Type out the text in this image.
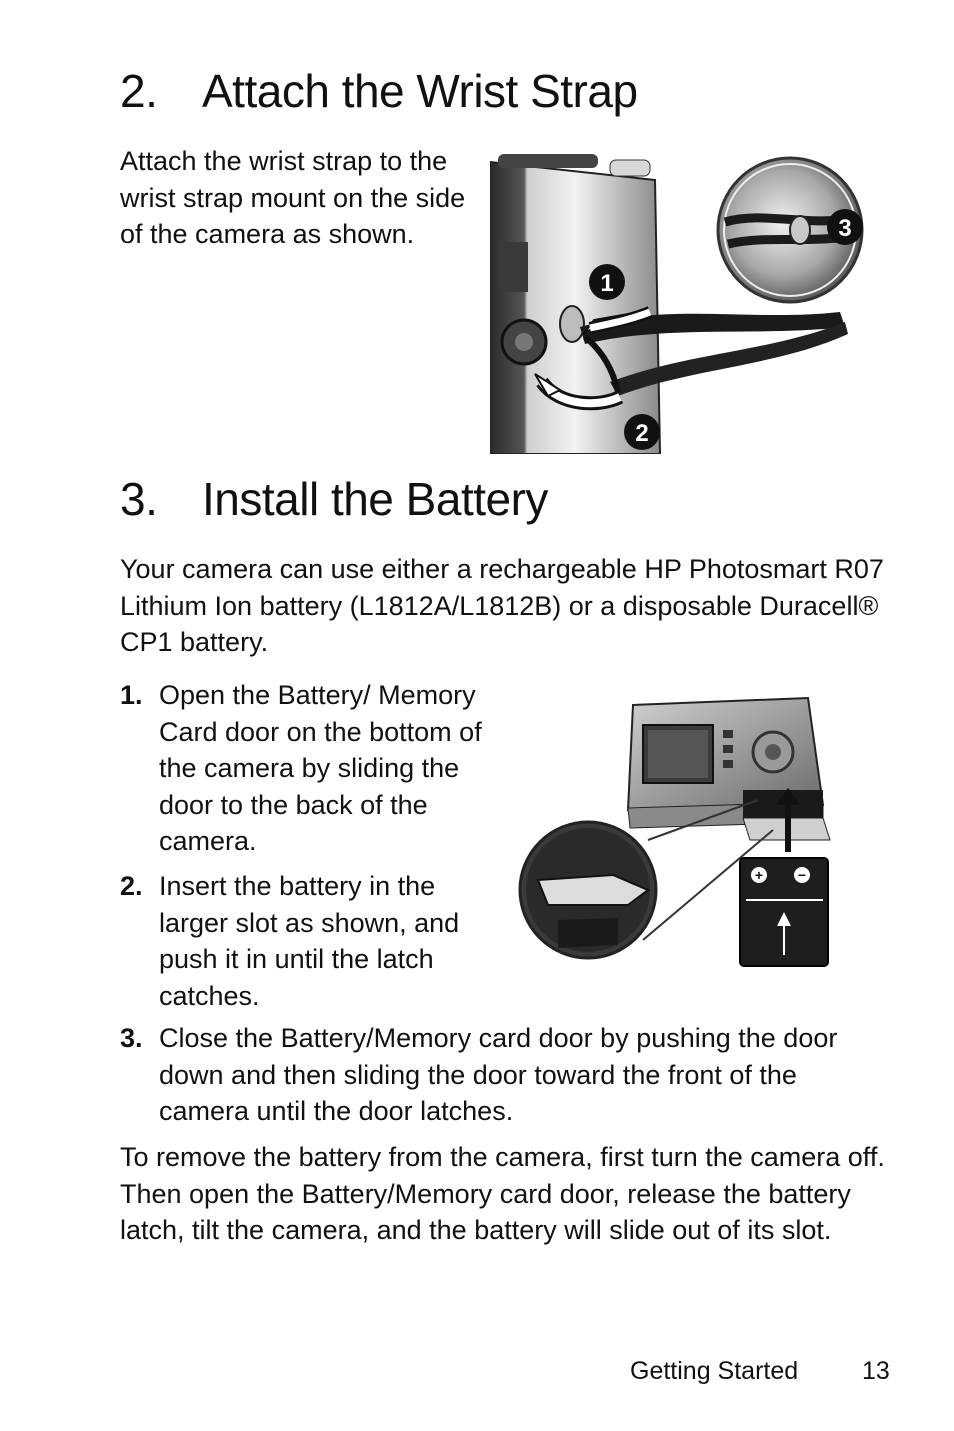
2. Attach the Wrist Strap

Attach the wrist strap to the wrist strap mount on the side of the camera as shown.

1
2
3
3. Install the Battery

Your camera can use either a rechargeable HP Photosmart R07 Lithium Ion battery (L1812A/L1812B) or a disposable Duracell® CP1 battery.

1. Open the Battery/ Memory Card door on the bottom of the camera by sliding the door to the back of the camera.
2. Insert the battery in the larger slot as shown, and push it in until the latch catches.
3. Close the Battery/Memory card door by pushing the door down and then sliding the door toward the front of the camera until the door latches.
+ −

To remove the battery from the camera, first turn the camera off. Then open the Battery/Memory card door, release the battery latch, tilt the camera, and the battery will slide out of its slot.

Getting Started	13
